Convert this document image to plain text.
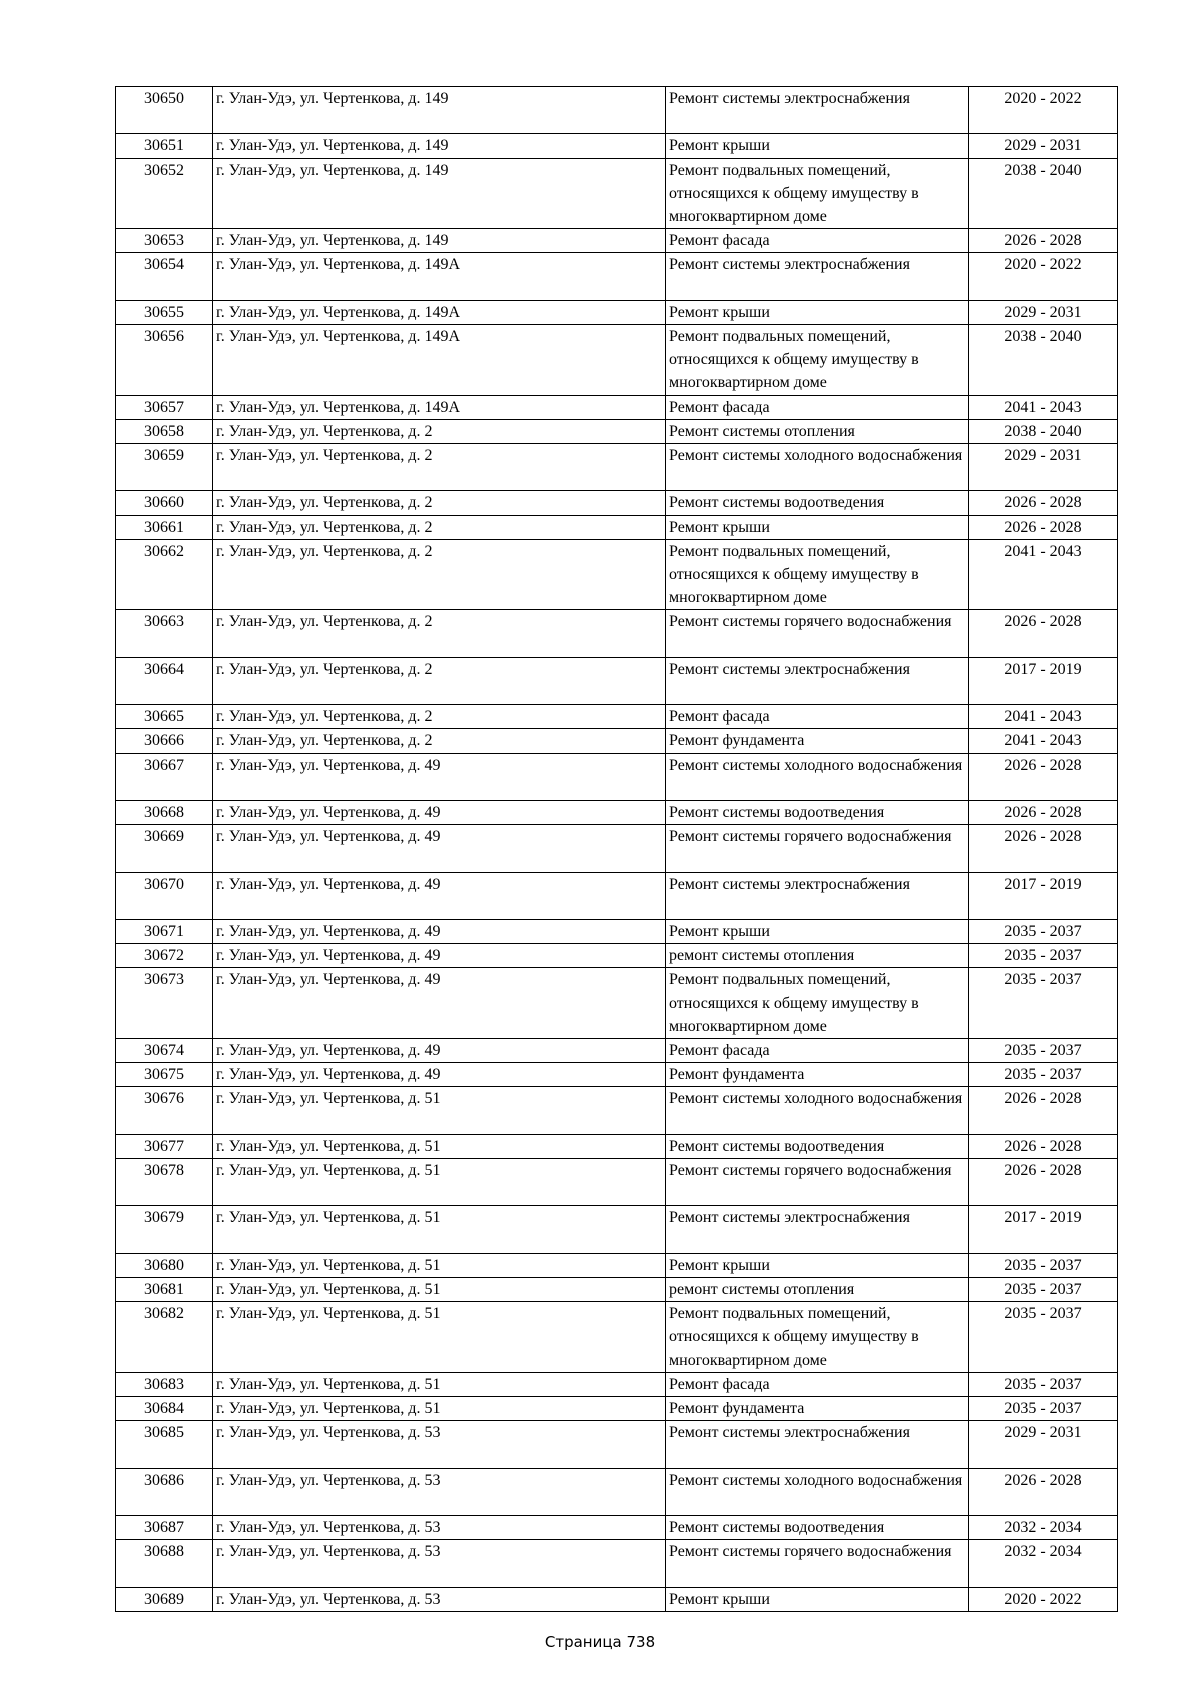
30650	г. Улан-Удэ, ул. Чертенкова, д. 149	Ремонт системы электроснабжения	2020 - 2022
30651	г. Улан-Удэ, ул. Чертенкова, д. 149	Ремонт крыши	2029 - 2031
30652	г. Улан-Удэ, ул. Чертенкова, д. 149	Ремонт подвальных помещений, относящихся к общему имуществу в многоквартирном доме	2038 - 2040
30653	г. Улан-Удэ, ул. Чертенкова, д. 149	Ремонт фасада	2026 - 2028
30654	г. Улан-Удэ, ул. Чертенкова, д. 149А	Ремонт системы электроснабжения	2020 - 2022
30655	г. Улан-Удэ, ул. Чертенкова, д. 149А	Ремонт крыши	2029 - 2031
30656	г. Улан-Удэ, ул. Чертенкова, д. 149А	Ремонт подвальных помещений, относящихся к общему имуществу в многоквартирном доме	2038 - 2040
30657	г. Улан-Удэ, ул. Чертенкова, д. 149А	Ремонт фасада	2041 - 2043
30658	г. Улан-Удэ, ул. Чертенкова, д. 2	Ремонт системы отопления	2038 - 2040
30659	г. Улан-Удэ, ул. Чертенкова, д. 2	Ремонт системы холодного водоснабжения	2029 - 2031
30660	г. Улан-Удэ, ул. Чертенкова, д. 2	Ремонт системы водоотведения	2026 - 2028
30661	г. Улан-Удэ, ул. Чертенкова, д. 2	Ремонт крыши	2026 - 2028
30662	г. Улан-Удэ, ул. Чертенкова, д. 2	Ремонт подвальных помещений, относящихся к общему имуществу в многоквартирном доме	2041 - 2043
30663	г. Улан-Удэ, ул. Чертенкова, д. 2	Ремонт системы горячего водоснабжения	2026 - 2028
30664	г. Улан-Удэ, ул. Чертенкова, д. 2	Ремонт системы электроснабжения	2017 - 2019
30665	г. Улан-Удэ, ул. Чертенкова, д. 2	Ремонт фасада	2041 - 2043
30666	г. Улан-Удэ, ул. Чертенкова, д. 2	Ремонт фундамента	2041 - 2043
30667	г. Улан-Удэ, ул. Чертенкова, д. 49	Ремонт системы холодного водоснабжения	2026 - 2028
30668	г. Улан-Удэ, ул. Чертенкова, д. 49	Ремонт системы водоотведения	2026 - 2028
30669	г. Улан-Удэ, ул. Чертенкова, д. 49	Ремонт системы горячего водоснабжения	2026 - 2028
30670	г. Улан-Удэ, ул. Чертенкова, д. 49	Ремонт системы электроснабжения	2017 - 2019
30671	г. Улан-Удэ, ул. Чертенкова, д. 49	Ремонт крыши	2035 - 2037
30672	г. Улан-Удэ, ул. Чертенкова, д. 49	ремонт системы отопления	2035 - 2037
30673	г. Улан-Удэ, ул. Чертенкова, д. 49	Ремонт подвальных помещений, относящихся к общему имуществу в многоквартирном доме	2035 - 2037
30674	г. Улан-Удэ, ул. Чертенкова, д. 49	Ремонт фасада	2035 - 2037
30675	г. Улан-Удэ, ул. Чертенкова, д. 49	Ремонт фундамента	2035 - 2037
30676	г. Улан-Удэ, ул. Чертенкова, д. 51	Ремонт системы холодного водоснабжения	2026 - 2028
30677	г. Улан-Удэ, ул. Чертенкова, д. 51	Ремонт системы водоотведения	2026 - 2028
30678	г. Улан-Удэ, ул. Чертенкова, д. 51	Ремонт системы горячего водоснабжения	2026 - 2028
30679	г. Улан-Удэ, ул. Чертенкова, д. 51	Ремонт системы электроснабжения	2017 - 2019
30680	г. Улан-Удэ, ул. Чертенкова, д. 51	Ремонт крыши	2035 - 2037
30681	г. Улан-Удэ, ул. Чертенкова, д. 51	ремонт системы отопления	2035 - 2037
30682	г. Улан-Удэ, ул. Чертенкова, д. 51	Ремонт подвальных помещений, относящихся к общему имуществу в многоквартирном доме	2035 - 2037
30683	г. Улан-Удэ, ул. Чертенкова, д. 51	Ремонт фасада	2035 - 2037
30684	г. Улан-Удэ, ул. Чертенкова, д. 51	Ремонт фундамента	2035 - 2037
30685	г. Улан-Удэ, ул. Чертенкова, д. 53	Ремонт системы электроснабжения	2029 - 2031
30686	г. Улан-Удэ, ул. Чертенкова, д. 53	Ремонт системы холодного водоснабжения	2026 - 2028
30687	г. Улан-Удэ, ул. Чертенкова, д. 53	Ремонт системы водоотведения	2032 - 2034
30688	г. Улан-Удэ, ул. Чертенкова, д. 53	Ремонт системы горячего водоснабжения	2032 - 2034
30689	г. Улан-Удэ, ул. Чертенкова, д. 53	Ремонт крыши	2020 - 2022
Страница 738
